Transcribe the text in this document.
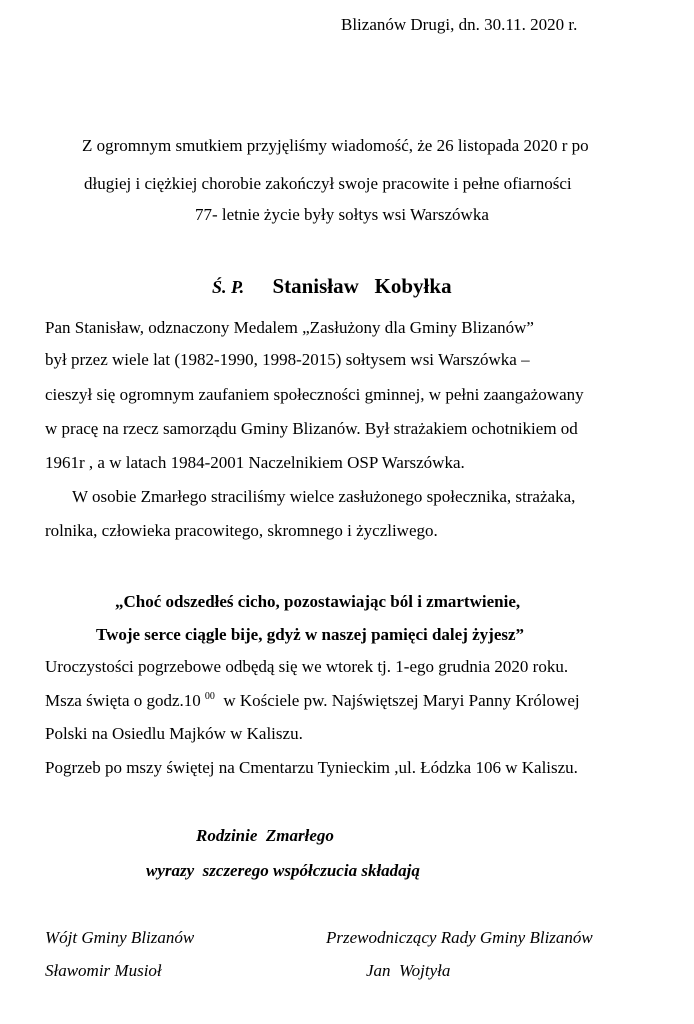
Blizanów Drugi, dn. 30.11. 2020 r.
Z ogromnym smutkiem przyjęliśmy wiadomość, że 26 listopada 2020 r po
długiej i ciężkiej chorobie zakończył swoje pracowite i pełne ofiarności
77- letnie życie były sołtys wsi Warszówka
Ś. P. Stanisław   Kobyłka
Pan Stanisław, odznaczony Medalem „Zasłużony dla Gminy Blizanów”
był przez wiele lat (1982-1990, 1998-2015) sołtysem wsi Warszówka –
cieszył się ogromnym zaufaniem społeczności gminnej, w pełni zaangażowany
w pracę na rzecz samorządu Gminy Blizanów. Był strażakiem ochotnikiem od
1961r , a w latach 1984-2001 Naczelnikiem OSP Warszówka.
W osobie Zmarłego straciliśmy wielce zasłużonego społecznika, strażaka,
rolnika, człowieka pracowitego, skromnego i życzliwego.
„Choć odszedłeś cicho, pozostawiając ból i zmartwienie,
Twoje serce ciągle bije, gdyż w naszej pamięci dalej żyjesz”
Uroczystości pogrzebowe odbędą się we wtorek tj. 1-ego grudnia 2020 roku.
Msza święta o godz.10 $^{00}$  w Kościele pw. Najświętszej Maryi Panny Królowej
Polski na Osiedlu Majków w Kaliszu.
Pogrzeb po mszy świętej na Cmentarzu Tynieckim ,ul. Łódzka 106 w Kaliszu.
Rodzinie  Zmarłego
wyrazy  szczerego współczucia składają
Wójt Gminy Blizanów
Sławomir Musioł
Przewodniczący Rady Gminy Blizanów
Jan  Wojtyła
